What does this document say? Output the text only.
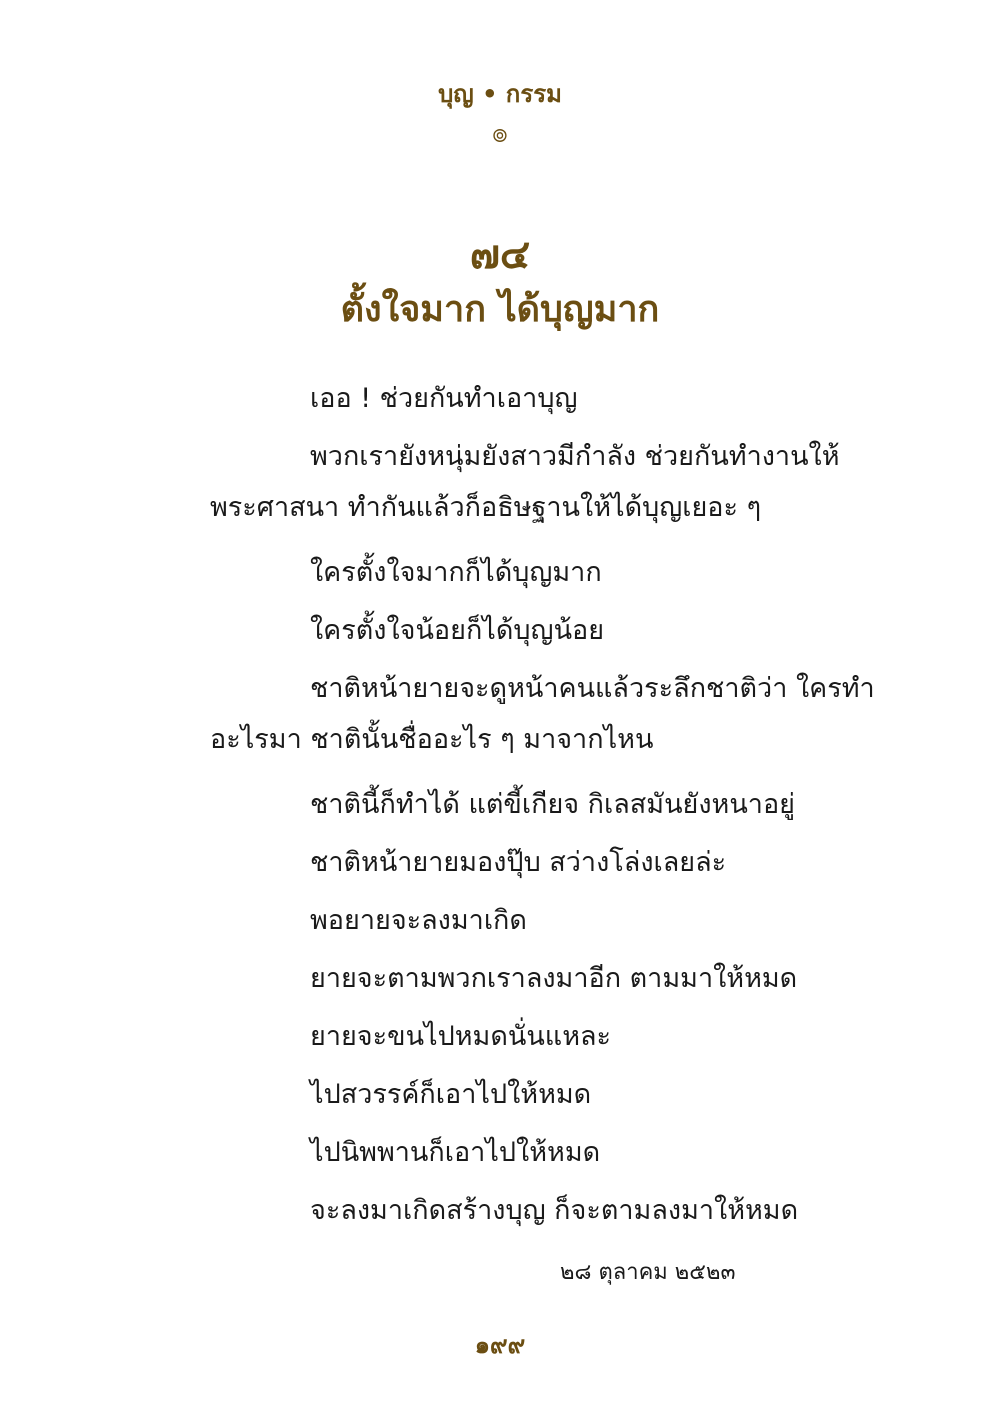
บุญ • กรรม
๏
๗๔
ตั้งใจมาก ได้บุญมาก

เออ ! ช่วยกันทำเอาบุญ

พวกเรายังหนุ่มยังสาวมีกำลัง ช่วยกันทำงานให้
พระศาสนา ทำกันแล้วก็อธิษฐานให้ได้บุญเยอะ ๆ

ใครตั้งใจมากก็ได้บุญมาก

ใครตั้งใจน้อยก็ได้บุญน้อย

ชาติหน้ายายจะดูหน้าคนแล้วระลึกชาติว่า ใครทำ
อะไรมา ชาตินั้นชื่ออะไร ๆ มาจากไหน

ชาตินี้ก็ทำได้ แต่ขี้เกียจ กิเลสมันยังหนาอยู่

ชาติหน้ายายมองปุ๊บ สว่างโล่งเลยล่ะ

พอยายจะลงมาเกิด

ยายจะตามพวกเราลงมาอีก ตามมาให้หมด

ยายจะขนไปหมดนั่นแหละ

ไปสวรรค์ก็เอาไปให้หมด

ไปนิพพานก็เอาไปให้หมด

จะลงมาเกิดสร้างบุญ ก็จะตามลงมาให้หมด

๒๘ ตุลาคม ๒๕๒๓
๑๙๙
